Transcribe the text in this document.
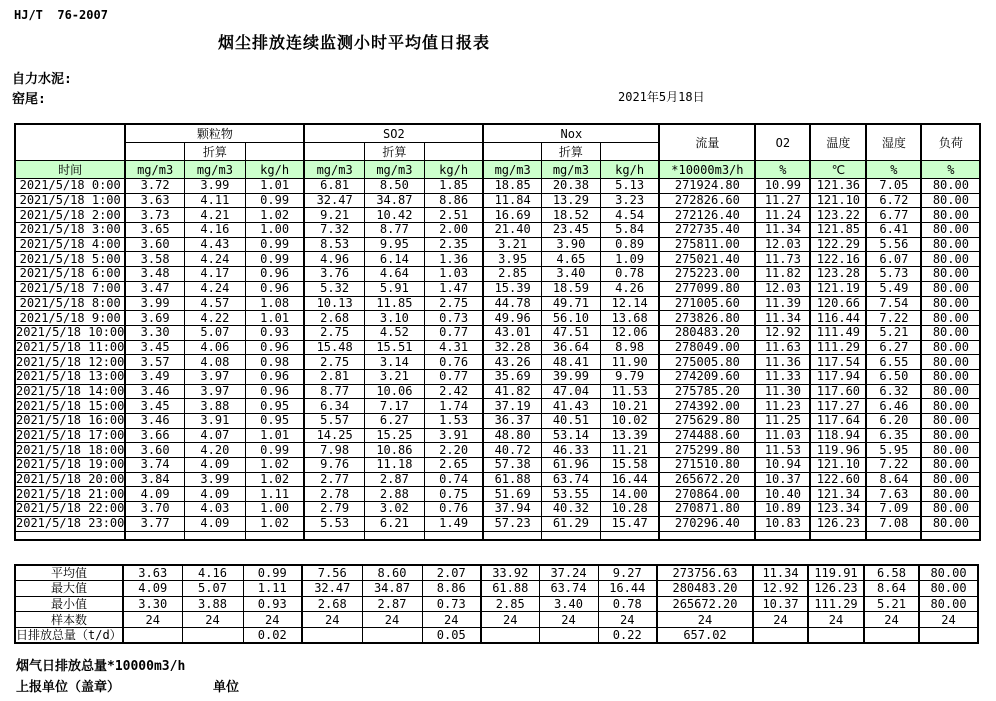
HJ/T  76-2007
烟尘排放连续监测小时平均值日报表
自力水泥:
窑尾:	2021年5月18日
	颗粒物			SO2			Nox			流量	O2	温度	湿度	负荷
		折算			折算			折算						
时间	mg/m3	mg/m3	kg/h	mg/m3	mg/m3	kg/h	mg/m3	mg/m3	kg/h	*10000m3/h	%	℃	%	%
2021/5/18 0:00	3.72	3.99	1.01	6.81	8.50	1.85	18.85	20.38	5.13	271924.80	10.99	121.36	7.05	80.00
2021/5/18 1:00	3.63	4.11	0.99	32.47	34.87	8.86	11.84	13.29	3.23	272826.60	11.27	121.10	6.72	80.00
2021/5/18 2:00	3.73	4.21	1.02	9.21	10.42	2.51	16.69	18.52	4.54	272126.40	11.24	123.22	6.77	80.00
2021/5/18 3:00	3.65	4.16	1.00	7.32	8.77	2.00	21.40	23.45	5.84	272735.40	11.34	121.85	6.41	80.00
2021/5/18 4:00	3.60	4.43	0.99	8.53	9.95	2.35	3.21	3.90	0.89	275811.00	12.03	122.29	5.56	80.00
2021/5/18 5:00	3.58	4.24	0.99	4.96	6.14	1.36	3.95	4.65	1.09	275021.40	11.73	122.16	6.07	80.00
2021/5/18 6:00	3.48	4.17	0.96	3.76	4.64	1.03	2.85	3.40	0.78	275223.00	11.82	123.28	5.73	80.00
2021/5/18 7:00	3.47	4.24	0.96	5.32	5.91	1.47	15.39	18.59	4.26	277099.80	12.03	121.19	5.49	80.00
2021/5/18 8:00	3.99	4.57	1.08	10.13	11.85	2.75	44.78	49.71	12.14	271005.60	11.39	120.66	7.54	80.00
2021/5/18 9:00	3.69	4.22	1.01	2.68	3.10	0.73	49.96	56.10	13.68	273826.80	11.34	116.44	7.22	80.00
2021/5/18 10:00	3.30	5.07	0.93	2.75	4.52	0.77	43.01	47.51	12.06	280483.20	12.92	111.49	5.21	80.00
2021/5/18 11:00	3.45	4.06	0.96	15.48	15.51	4.31	32.28	36.64	8.98	278049.00	11.63	111.29	6.27	80.00
2021/5/18 12:00	3.57	4.08	0.98	2.75	3.14	0.76	43.26	48.41	11.90	275005.80	11.36	117.54	6.55	80.00
2021/5/18 13:00	3.49	3.97	0.96	2.81	3.21	0.77	35.69	39.99	9.79	274209.60	11.33	117.94	6.50	80.00
2021/5/18 14:00	3.46	3.97	0.96	8.77	10.06	2.42	41.82	47.04	11.53	275785.20	11.30	117.60	6.32	80.00
2021/5/18 15:00	3.45	3.88	0.95	6.34	7.17	1.74	37.19	41.43	10.21	274392.00	11.23	117.27	6.46	80.00
2021/5/18 16:00	3.46	3.91	0.95	5.57	6.27	1.53	36.37	40.51	10.02	275629.80	11.25	117.64	6.20	80.00
2021/5/18 17:00	3.66	4.07	1.01	14.25	15.25	3.91	48.80	53.14	13.39	274488.60	11.03	118.94	6.35	80.00
2021/5/18 18:00	3.60	4.20	0.99	7.98	10.86	2.20	40.72	46.33	11.21	275299.80	11.53	119.96	5.95	80.00
2021/5/18 19:00	3.74	4.09	1.02	9.76	11.18	2.65	57.38	61.96	15.58	271510.80	10.94	121.10	7.22	80.00
2021/5/18 20:00	3.84	3.99	1.02	2.77	2.87	0.74	61.88	63.74	16.44	265672.20	10.37	122.60	8.64	80.00
2021/5/18 21:00	4.09	4.09	1.11	2.78	2.88	0.75	51.69	53.55	14.00	270864.00	10.40	121.34	7.63	80.00
2021/5/18 22:00	3.70	4.03	1.00	2.79	3.02	0.76	37.94	40.32	10.28	270871.80	10.89	123.34	7.09	80.00
2021/5/18 23:00	3.77	4.09	1.02	5.53	6.21	1.49	57.23	61.29	15.47	270296.40	10.83	126.23	7.08	80.00

平均值	3.63	4.16	0.99	7.56	8.60	2.07	33.92	37.24	9.27	273756.63	11.34	119.91	6.58	80.00
最大值	4.09	5.07	1.11	32.47	34.87	8.86	61.88	63.74	16.44	280483.20	12.92	126.23	8.64	80.00
最小值	3.30	3.88	0.93	2.68	2.87	0.73	2.85	3.40	0.78	265672.20	10.37	111.29	5.21	80.00
样本数	24	24	24	24	24	24	24	24	24	24	24	24	24	24
日排放总量（t/d）			0.02			0.05			0.22	657.02				
烟气日排放总量*10000m3/h
上报单位（盖章）	单位
